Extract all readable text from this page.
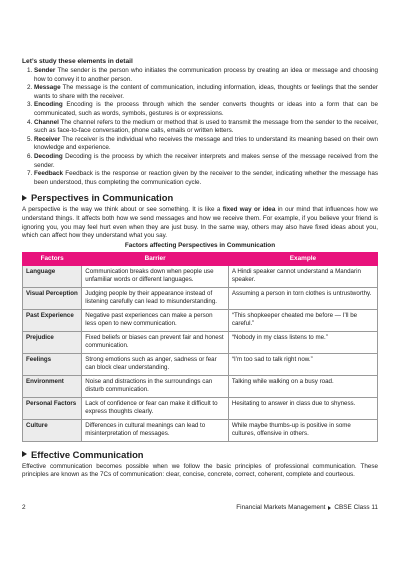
Let’s study these elements in detail

1. Sender The sender is the person who initiates the communication process by creating an idea or message and choosing how to convey it to another person.
2. Message The message is the content of communication, including information, ideas, thoughts or feelings that the sender wants to share with the receiver.
3. Encoding Encoding is the process through which the sender converts thoughts or ideas into a form that can be communicated, such as words, symbols, gestures is or expressions.
4. Channel The channel refers to the medium or method that is used to transmit the message from the sender to the receiver, such as face-to-face conversation, phone calls, emails or written letters.
5. Receiver The receiver is the individual who receives the message and tries to understand its meaning based on their own knowledge and experience.
6. Decoding Decoding is the process by which the receiver interprets and makes sense of the message received from the sender.
7. Feedback Feedback is the response or reaction given by the receiver to the sender, indicating whether the message has been understood, thus completing the communication cycle.
Perspectives in Communication

A perspective is the way we think about or see something. It is like a fixed way or idea in our mind that influences how we understand things. It affects both how we send messages and how we receive them. For example, if you believe your friend is ignoring you, you may feel hurt even when they are just busy. In the same way, others may also have fixed ideas about you, which can affect how they understand what you say.

Factors affecting Perspectives in Communication
Factors	Barrier	Example
Language	Communication breaks down when people use unfamiliar words or different languages.	A Hindi speaker cannot understand a Mandarin speaker.
Visual Perception	Judging people by their appearance instead of listening carefully can lead to misunderstanding.	Assuming a person in torn clothes is untrustworthy.
Past Experience	Negative past experiences can make a person less open to new communication.	“This shopkeeper cheated me before — I’ll be careful.”
Prejudice	Fixed beliefs or biases can prevent fair and honest communication.	“Nobody in my class listens to me.”
Feelings	Strong emotions such as anger, sadness or fear can block clear understanding.	“I’m too sad to talk right now.”
Environment	Noise and distractions in the surroundings can disturb communication.	Talking while walking on a busy road.
Personal Factors	Lack of confidence or fear can make it difficult to express thoughts clearly.	Hesitating to answer in class due to shyness.
Culture	Differences in cultural meanings can lead to misinterpretation of messages.	While maybe thumbs-up is positive in some cultures, offensive in others.
Effective Communication

Effective communication becomes possible when we follow the basic principles of professional communication. These principles are known as the 7Cs of communication: clear, concise, concrete, correct, coherent, complete and courteous.

2	Financial Markets Management CBSE Class 11
